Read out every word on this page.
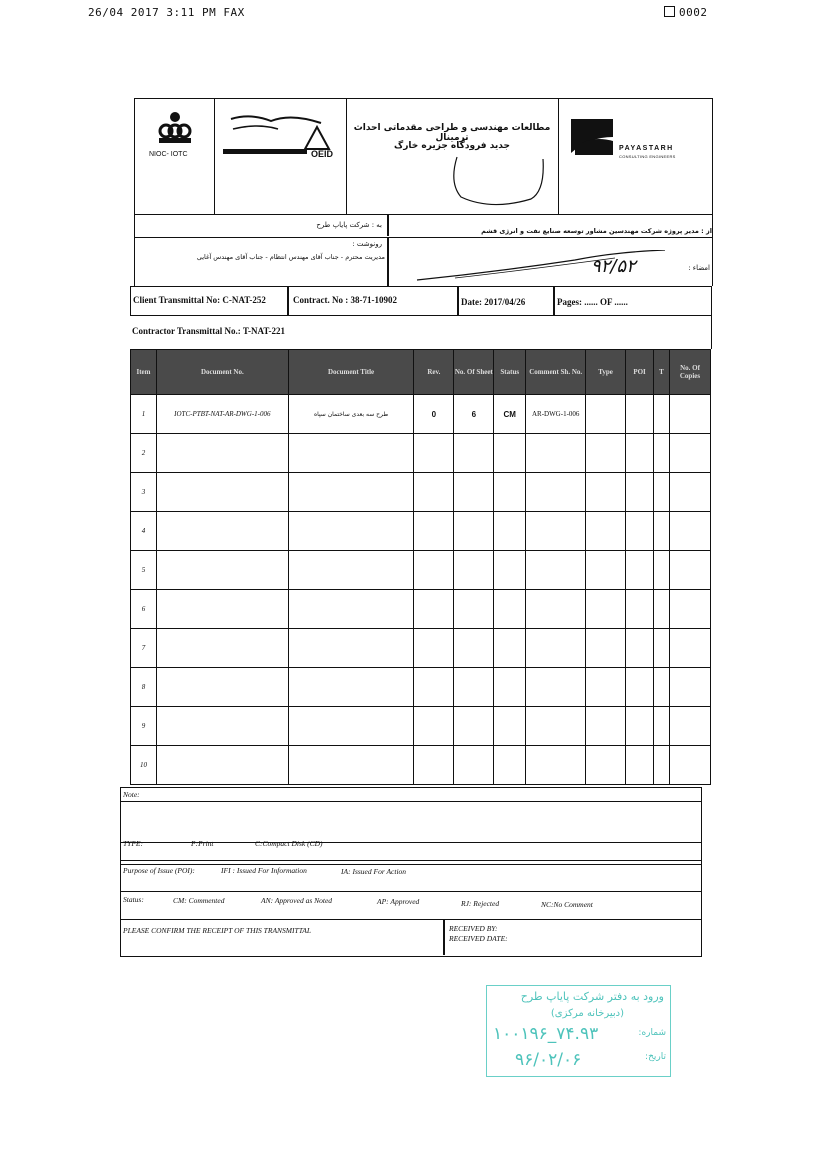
26/04 2017 3:11 PM FAX	0002
NIOC- IOTC	OEID
مطالعات مهندسی و طراحی مقدماتی احداث ترمینال
جدید فرودگاه جزیره خارگ	PAYASTARH
CONSULTING ENGINEERS
به : شرکت پایاپ طرح
از : مدیر پروژه شرکت مهندسین مشاور توسعه صنایع نفت و انرژی قشم
رونوشت :
مدیریت محترم - جناب آقای مهندس انتظام - جناب آقای مهندس آغایی
امضاء :
۹۲/۵۲
Client Transmittal No: C-NAT-252	Contract. No : 38-71-10902	Date: 2017/04/26	Pages: ...... OF ......
Contractor Transmittal No.: T-NAT-221
Item	Document No.	Document Title	Rev.	No. Of Sheet	Status	Comment Sh. No.	Type	POI	T	No. Of Copies
1	IOTC-PTBT-NAT-AR-DWG-1-006	طرح سه بعدی ساختمان سپاه	0	6	CM	AR-DWG-1-006				
2										
3										
4										
5										
6										
7										
8										
9										
10										
Note:
TYPE:	P:Print	C:Compact Disk (CD)
Purpose of Issue (POI):	IFI : Issued For Information	IA: Issued For Action
Status:	CM: Commented	AN: Approved as Noted	AP: Approved	RJ: Rejected	NC:No Comment
PLEASE CONFIRM THE RECEIPT OF THIS TRANSMITTAL	RECEIVED BY:
RECEIVED DATE:
ورود به دفتر شرکت پایاپ طرح
(دبیرخانه مرکزی)
شماره:
۱۰۰۱۹۶_۷۴.۹۳
تاریخ:
۹۶/۰۲/۰۶
